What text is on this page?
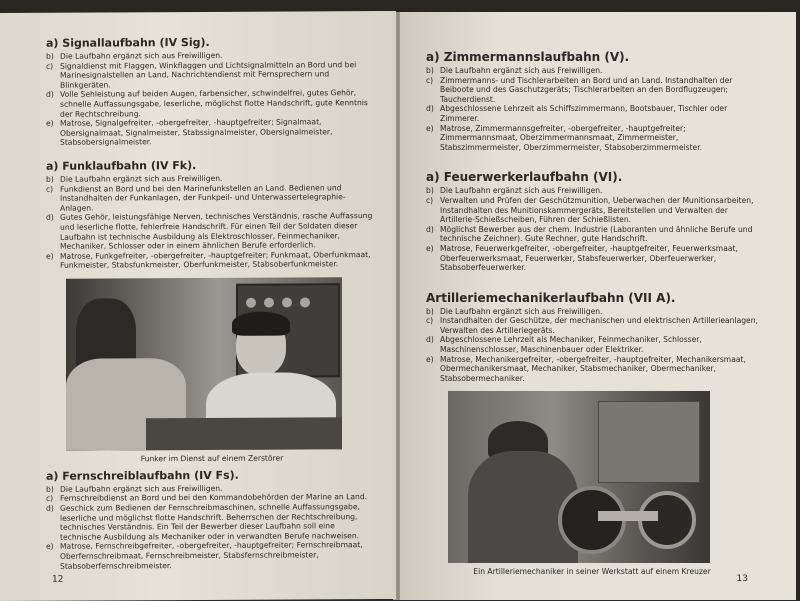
a) Signallaufbahn (IV Sig).
b) Die Laufbahn ergänzt sich aus Freiwilligen.
c) Signaldienst mit Flaggen, Winkflaggen und Lichtsignalmitteln an Bord und bei Marinesignalstellen an Land, Nachrichtendienst mit Fernsprechern und Blinkgeräten.
d) Volle Sehleistung auf beiden Augen, farbensicher, schwindelfrei, gutes Gehör, schnelle Auffassungsgabe, leserliche, möglichst flotte Handschrift, gute Kenntnis der Rechtschreibung.
e) Matrose, Signalgefreiter, -obergefreiter, -hauptgefreiter; Signalmaat, Obersignalmaat, Signalmeister, Stabssignalmeister, Obersignalmeister, Stabsobersignalmeister.
a) Funklaufbahn (IV Fk).
b) Die Laufbahn ergänzt sich aus Freiwilligen.
c) Funkdienst an Bord und bei den Marinefunkstellen an Land. Bedienen und Instandhalten der Funkanlagen, der Funkpeil- und Unterwassertelegraphie-Anlagen.
d) Gutes Gehör, leistungsfähige Nerven, technisches Verständnis, rasche Auffassung und leserliche flotte, fehlerfreie Handschrift. Für einen Teil der Soldaten dieser Laufbahn ist technische Ausbildung als Elektroschlosser, Feinmechaniker, Mechaniker, Schlosser oder in einem ähnlichen Berufe erforderlich.
e) Matrose, Funkgefreiter, -obergefreiter, -hauptgefreiter; Funkmaat, Oberfunkmaat, Funkmeister, Stabsfunkmeister, Oberfunkmeister, Stabsoberfunkmeister.
Funker im Dienst auf einem Zerstörer
a) Fernschreiblaufbahn (IV Fs).
b) Die Laufbahn ergänzt sich aus Freiwilligen.
c) Fernschreibdienst an Bord und bei den Kommandobehörden der Marine an Land.
d) Geschick zum Bedienen der Fernschreibmaschinen, schnelle Auffassungsgabe, leserliche und möglichst flotte Handschrift. Beherrschen der Rechtschreibung, technisches Verständnis. Ein Teil der Bewerber dieser Laufbahn soll eine technische Ausbildung als Mechaniker oder in verwandten Berufe nachweisen.
e) Matrose, Fernschreibgefreiter, -obergefreiter, -hauptgefreiter; Fernschreibmaat, Oberfernschreibmaat, Fernschreibmeister, Stabsfernschreibmeister, Stabsoberfernschreibmeister.
12
a) Zimmermannslaufbahn (V).
b) Die Laufbahn ergänzt sich aus Freiwilligen.
c) Zimmermanns- und Tischlerarbeiten an Bord und an Land. Instandhalten der Beiboote und des Gaschutzgeräts; Tischlerarbeiten an den Bordflugzeugen; Taucherdienst.
d) Abgeschlossene Lehrzeit als Schiffszimmermann, Bootsbauer, Tischler oder Zimmerer.
e) Matrose, Zimmermannsgefreiter, -obergefreiter, -hauptgefreiter; Zimmermannsmaat, Oberzimmermannsmaat, Zimmermeister, Stabszimmermeister, Oberzimmermeister, Stabsoberzimmermeister.
a) Feuerwerkerlaufbahn (VI).
b) Die Laufbahn ergänzt sich aus Freiwilligen.
c) Verwalten und Prüfen der Geschützmunition, Ueberwachen der Munitionsarbeiten, Instandhalten des Munitionskammergeräts, Bereitstellen und Verwalten der Artillerie-Schießscheiben, Führen der Schießlisten.
d) Möglichst Bewerber aus der chem. Industrie (Laboranten und ähnliche Berufe und technische Zeichner). Gute Rechner, gute Handschrift.
e) Matrose, Feuerwerkgefreiter, -obergefreiter, -hauptgefreiter, Feuerwerksmaat, Oberfeuerwerksmaat, Feuerwerker, Stabsfeuerwerker, Oberfeuerwerker, Stabsoberfeuerwerker.
Artilleriemechanikerlaufbahn (VII A).
b) Die Laufbahn ergänzt sich aus Freiwilligen.
c) Instandhalten der Geschütze, der mechanischen und elektrischen Artillerieanlagen, Verwalten des Artilleriegeräts.
d) Abgeschlossene Lehrzeit als Mechaniker, Feinmechaniker, Schlosser, Maschinenschlosser, Maschinenbauer oder Elektriker.
e) Matrose, Mechanikergefreiter, -obergefreiter, -hauptgefreiter, Mechanikersmaat, Obermechanikersmaat, Mechaniker, Stabsmechaniker, Obermechaniker, Stabsobermechaniker.
Ein Artilleriemechaniker in seiner Werkstatt auf einem Kreuzer
13
